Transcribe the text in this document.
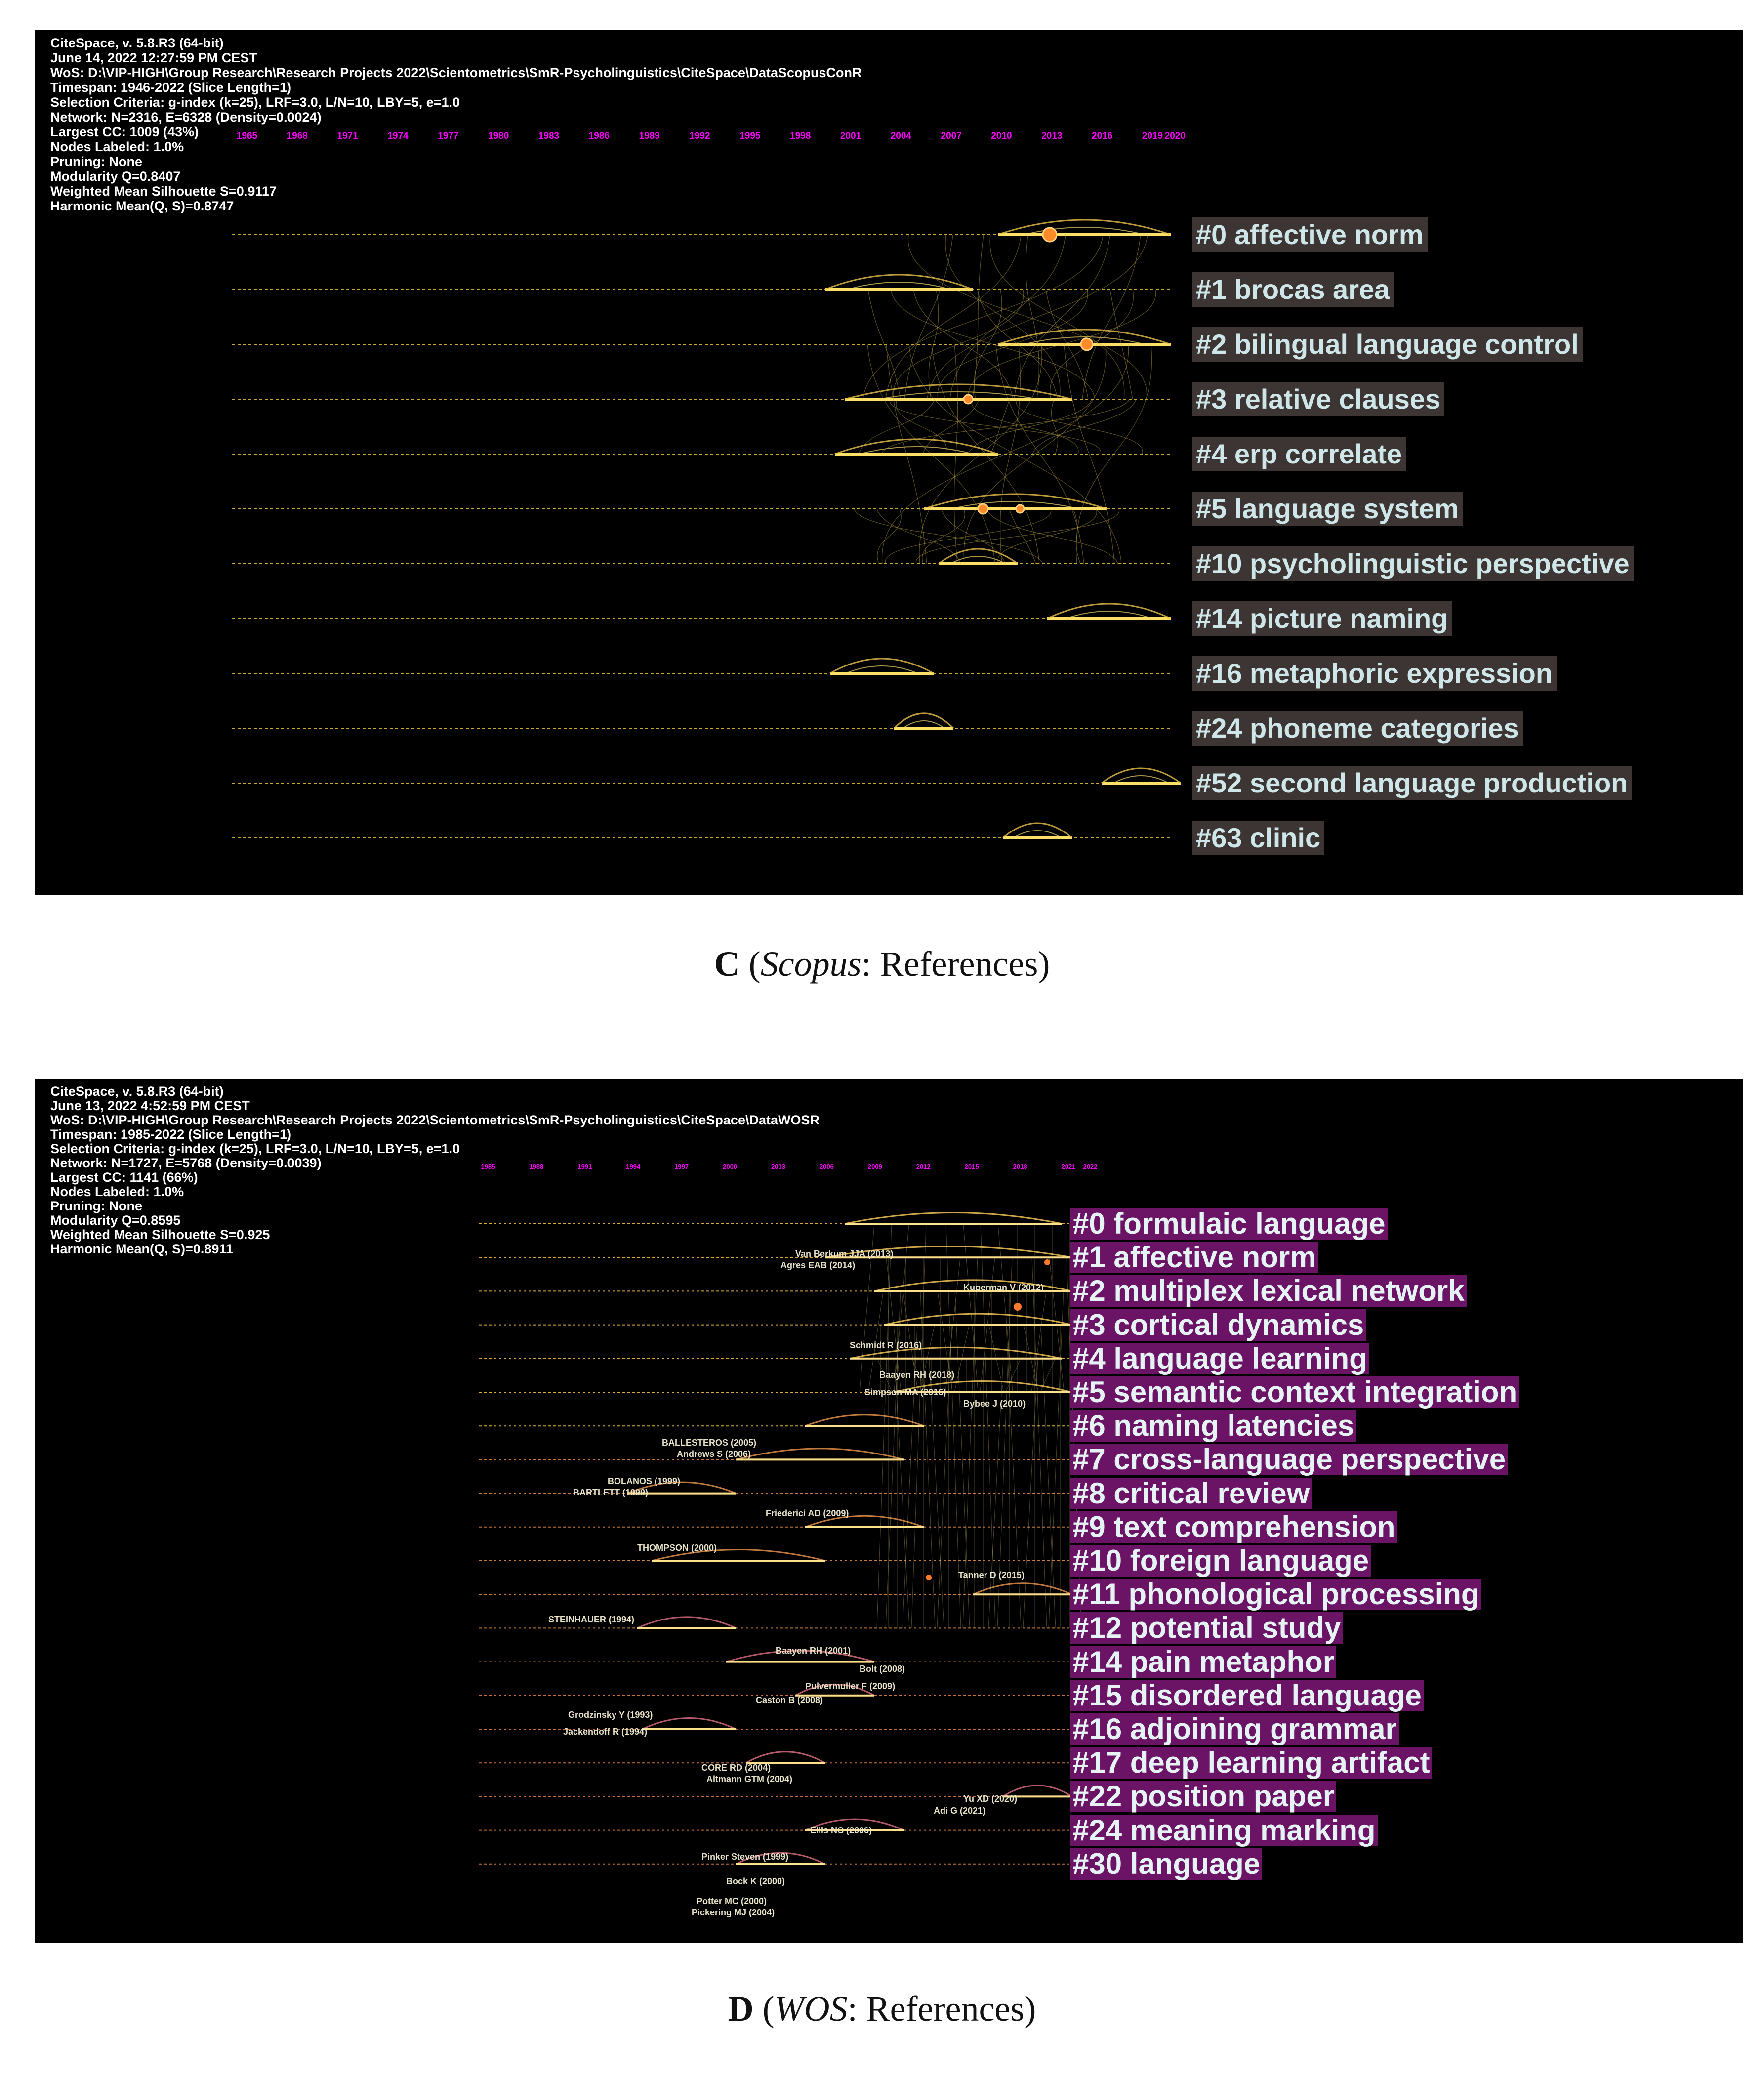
CiteSpace, v. 5.8.R3 (64-bit)
June 14, 2022 12:27:59 PM CEST
WoS: D:\VIP-HIGH\Group Research\Research Projects 2022\Scientometrics\SmR-Psycholinguistics\CiteSpace\DataScopusConR
Timespan: 1946-2022 (Slice Length=1)
Selection Criteria: g-index (k=25), LRF=3.0, L/N=10, LBY=5, e=1.0
Network: N=2316, E=6328 (Density=0.0024)
Largest CC: 1009 (43%)
Nodes Labeled: 1.0%
Pruning: None
Modularity Q=0.8407
Weighted Mean Silhouette S=0.9117
Harmonic Mean(Q, S)=0.8747
1965	1968	1971	1974	1977	1980	1983	1986	1989	1992	1995	1998	2001	2004	2007	2010	2013	2016	2019 2020
#0 affective norm
#1 brocas area
#2 bilingual language control
#3 relative clauses
#4 erp correlate
#5 language system
#10 psycholinguistic perspective
#14 picture naming
#16 metaphoric expression
#24 phoneme categories
#52 second language production
#63 clinic
C (Scopus: References)
CiteSpace, v. 5.8.R3 (64-bit)
June 13, 2022 4:52:59 PM CEST
WoS: D:\VIP-HIGH\Group Research\Research Projects 2022\Scientometrics\SmR-Psycholinguistics\CiteSpace\DataWOSR
Timespan: 1985-2022 (Slice Length=1)
Selection Criteria: g-index (k=25), LRF=3.0, L/N=10, LBY=5, e=1.0
Network: N=1727, E=5768 (Density=0.0039)
Largest CC: 1141 (66%)
Nodes Labeled: 1.0%
Pruning: None
Modularity Q=0.8595
Weighted Mean Silhouette S=0.925
Harmonic Mean(Q, S)=0.8911
1985	1988	1991	1994	1997	2000	2003	2006	2009	2012	2015	2018	2021 2022
Van Berkum JJA (2013)
Agres EAB (2014)
Kuperman V (2012)
Schmidt R (2016)
Baayen RH (2018)
Simpson MA (2016)
Bybee J (2010)
BALLESTEROS (2005)
Andrews S (2006)
BOLANOS (1999)
BARTLETT (1999)
Friederici AD (2009)
THOMPSON (2000)
Tanner D (2015)
STEINHAUER (1994)
Baayen RH (2001)
Bolt (2008)
Pulvermuller F (2009)
Caston B (2008)
Grodzinsky Y (1993)
Jackendoff R (1994)
CORE RD (2004)
Altmann GTM (2004)
Yu XD (2020)
Adi G (2021)
Ellis NC (2006)
Pinker Steven (1999)
Bock K (2000)
Potter MC (2000)
Pickering MJ (2004)
#0 formulaic language
#1 affective norm
#2 multiplex lexical network
#3 cortical dynamics
#4 language learning
#5 semantic context integration
#6 naming latencies
#7 cross-language perspective
#8 critical review
#9 text comprehension
#10 foreign language
#11 phonological processing
#12 potential study
#14 pain metaphor
#15 disordered language
#16 adjoining grammar
#17 deep learning artifact
#22 position paper
#24 meaning marking
#30 language
D (WOS: References)
